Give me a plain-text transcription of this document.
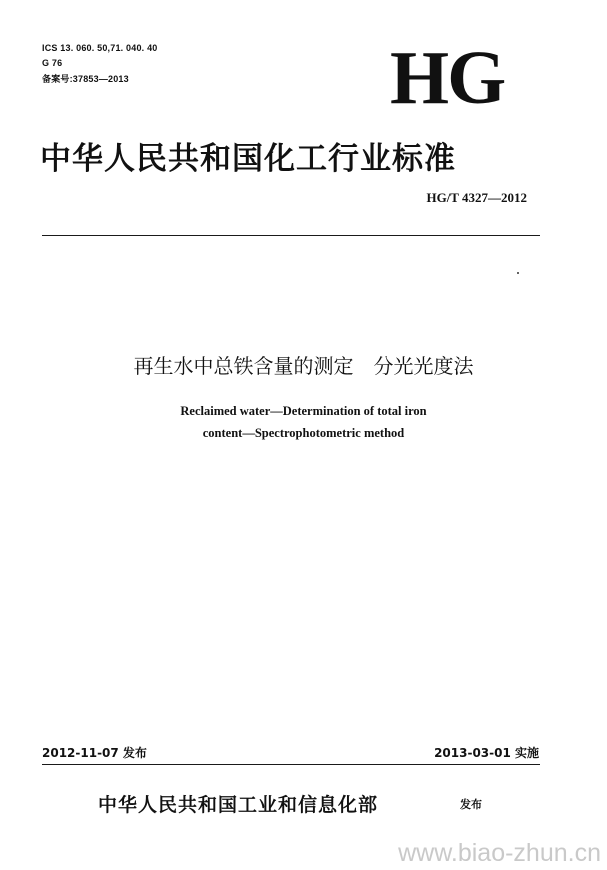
ICS 13. 060. 50,71. 040. 40
G 76
备案号:37853—2013	HG
中华人民共和国化工行业标准
HG/T 4327—2012
再生水中总铁含量的测定　分光光度法
Reclaimed water—Determination of total iron
content—Spectrophotometric method
2012-11-07 发布	2013-03-01 实施
中华人民共和国工业和信息化部	发布
www.biao-zhun.cn
